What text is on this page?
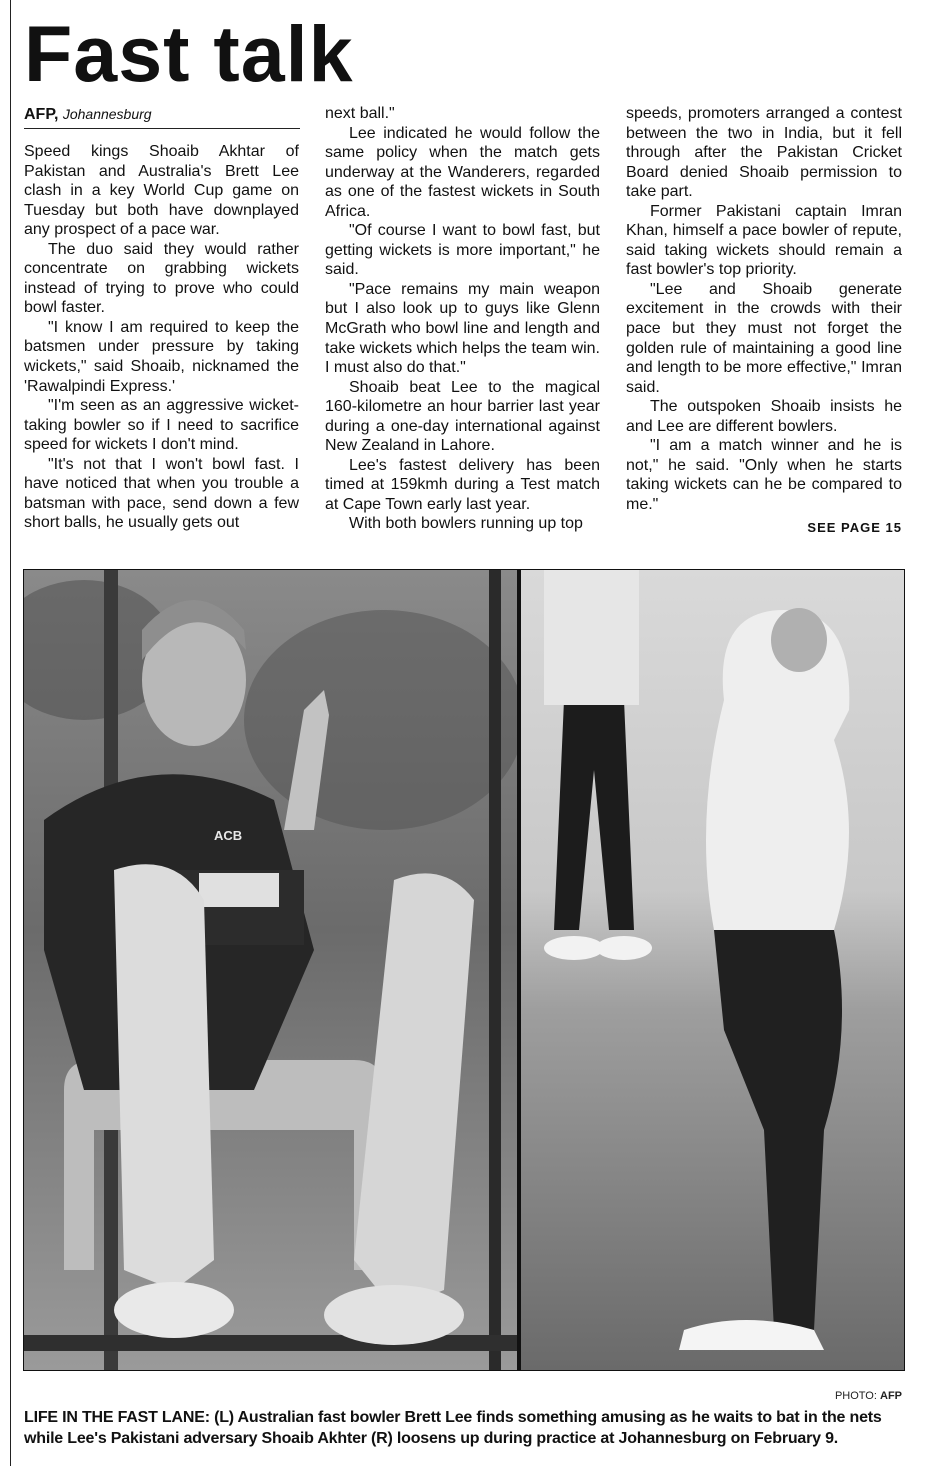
Fast talk
AFP, Johannesburg

Speed kings Shoaib Akhtar of Pakistan and Australia's Brett Lee clash in a key World Cup game on Tuesday but both have downplayed any prospect of a pace war.

The duo said they would rather concentrate on grabbing wickets instead of trying to prove who could bowl faster.

"I know I am required to keep the batsmen under pressure by taking wickets," said Shoaib, nicknamed the 'Rawalpindi Express.'

"I'm seen as an aggressive wicket-taking bowler so if I need to sacrifice speed for wickets I don't mind.

"It's not that I won't bowl fast. I have noticed that when you trouble a batsman with pace, send down a few short balls, he usually gets out

next ball."

Lee indicated he would follow the same policy when the match gets underway at the Wanderers, regarded as one of the fastest wickets in South Africa.

"Of course I want to bowl fast, but getting wickets is more important," he said.

"Pace remains my main weapon but I also look up to guys like Glenn McGrath who bowl line and length and take wickets which helps the team win. I must also do that."

Shoaib beat Lee to the magical 160-kilometre an hour barrier last year during a one-day international against New Zealand in Lahore.

Lee's fastest delivery has been timed at 159kmh during a Test match at Cape Town early last year.

With both bowlers running up top

speeds, promoters arranged a contest between the two in India, but it fell through after the Pakistan Cricket Board denied Shoaib permission to take part.

Former Pakistani captain Imran Khan, himself a pace bowler of repute, said taking wickets should remain a fast bowler's top priority.

"Lee and Shoaib generate excitement in the crowds with their pace but they must not forget the golden rule of maintaining a good line and length to be more effective," Imran said.

The outspoken Shoaib insists he and Lee are different bowlers.

"I am a match winner and he is not," he said. "Only when he starts taking wickets can he be compared to me."

SEE PAGE 15
ACB
PHOTO: AFP
LIFE IN THE FAST LANE: (L) Australian fast bowler Brett Lee finds something amusing as he waits to bat in the nets while Lee's Pakistani adversary Shoaib Akhter (R) loosens up during practice at Johannesburg on February 9.
